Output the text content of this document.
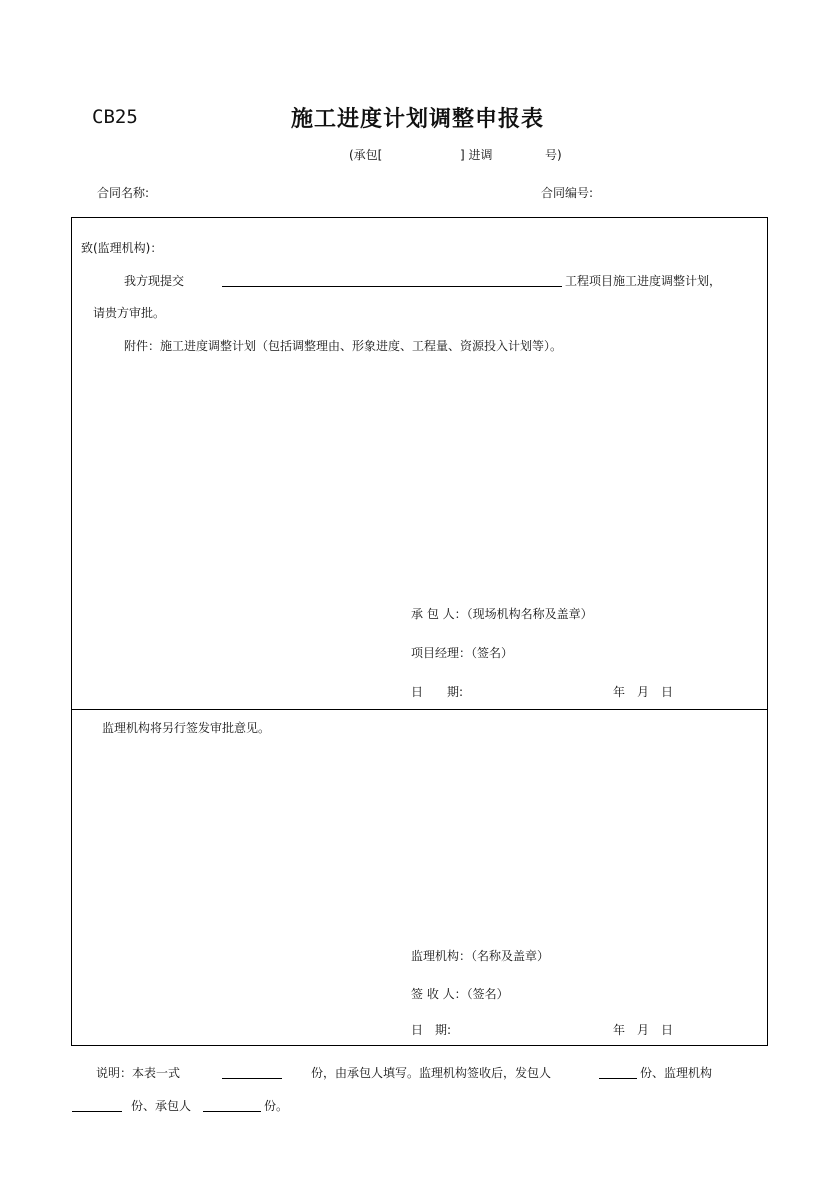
CB25	施工进度计划调整申报表
(承包[	] 进调	号)
合同名称:	合同编号:
致(监理机构)：
我方现提交	工程项目施工进度调整计划，
请贵方审批。
附件：施工进度调整计划（包括调整理由、形象进度、工程量、资源投入计划等）。
承 包 人：（现场机构名称及盖章）
项目经理：（签名）
日　　期:	年　月　日
监理机构将另行签发审批意见。
监理机构：（名称及盖章）
签 收 人：（签名）
日　期:	年　月　日
说明：本表一式	份，由承包人填写。监理机构签收后，发包人	份、监理机构
份、承包人	份。
